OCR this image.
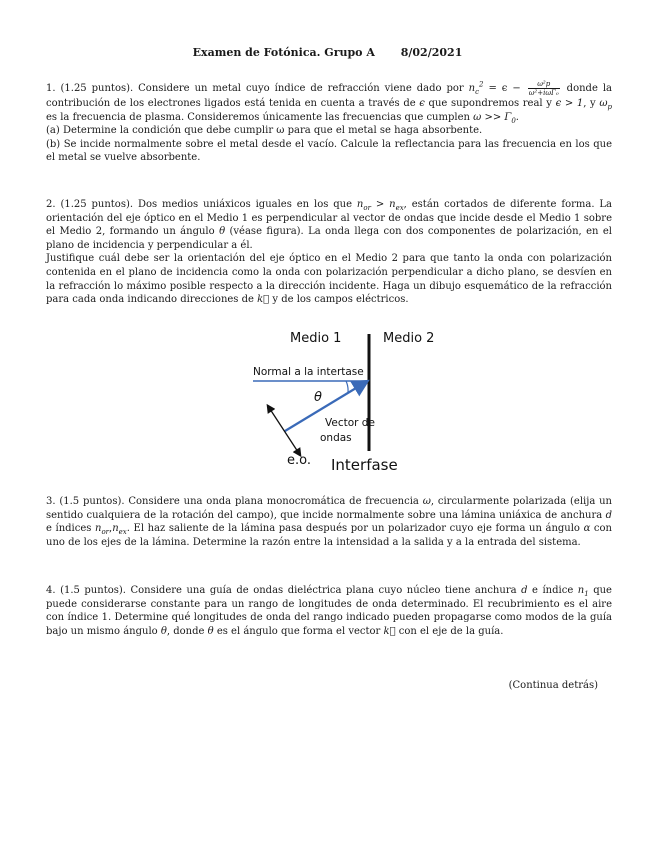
Examen de Fotónica. Grupo A 8/02/2021

1. (1.25 puntos). Considere un metal cuyo índice de refracción viene dado por $n_c^2 = \epsilon - \frac{\text{ω²p}}{\text{ω²+iωΓ₀}}$ donde la contribución de los electrones ligados está tenida en cuenta a través de ϵ que supondremos real y ϵ > 1, y $\omega_p$ es la frecuencia de plasma. Consideremos únicamente las frecuencias que cumplen $\omega >> \Gamma_0$.

(a) Determine la condición que debe cumplir ω para que el metal se haga absorbente.

(b) Se incide normalmente sobre el metal desde el vacío. Calcule la reflectancia para las frecuencia en los que el metal se vuelve absorbente.

2. (1.25 puntos). Dos medios uniáxicos iguales en los que $n_{or} > n_{ex}$, están cortados de diferente forma. La orientación del eje óptico en el Medio 1 es perpendicular al vector de ondas que incide desde el Medio 1 sobre el Medio 2, formando un ángulo θ (véase figura). La onda llega con dos componentes de polarización, en el plano de incidencia y perpendicular a él.

Justifique cuál debe ser la orientación del eje óptico en el Medio 2 para que tanto la onda con polarización contenida en el plano de incidencia como la onda con polarización perpendicular a dicho plano, se desvíen en la refracción lo máximo posible respecto a la dirección incidente. Haga un dibujo esquemático de la refracción para cada onda indicando direcciones de k⃗ y de los campos eléctricos.

Medio 1	Medio 2
Normal a la intertase
θ
Vector de
ondas
e.o. Interfase

3. (1.5 puntos). Considere una onda plana monocromática de frecuencia ω, circularmente polarizada (elija un sentido cualquiera de la rotación del campo), que incide normalmente sobre una lámina uniáxica de anchura d e índices $n_{or},n_{ex}$. El haz saliente de la lámina pasa después por un polarizador cuyo eje forma un ángulo α con uno de los ejes de la lámina. Determine la razón entre la intensidad a la salida y a la entrada del sistema.

4. (1.5 puntos). Considere una guía de ondas dieléctrica plana cuyo núcleo tiene anchura d e índice $n_1$ que puede considerarse constante para un rango de longitudes de onda determinado. El recubrimiento es el aire con índice 1. Determine qué longitudes de onda del rango indicado pueden propagarse como modos de la guía bajo un mismo ángulo θ, donde θ es el ángulo que forma el vector k⃗ con el eje de la guía.

(Continua detrás)
